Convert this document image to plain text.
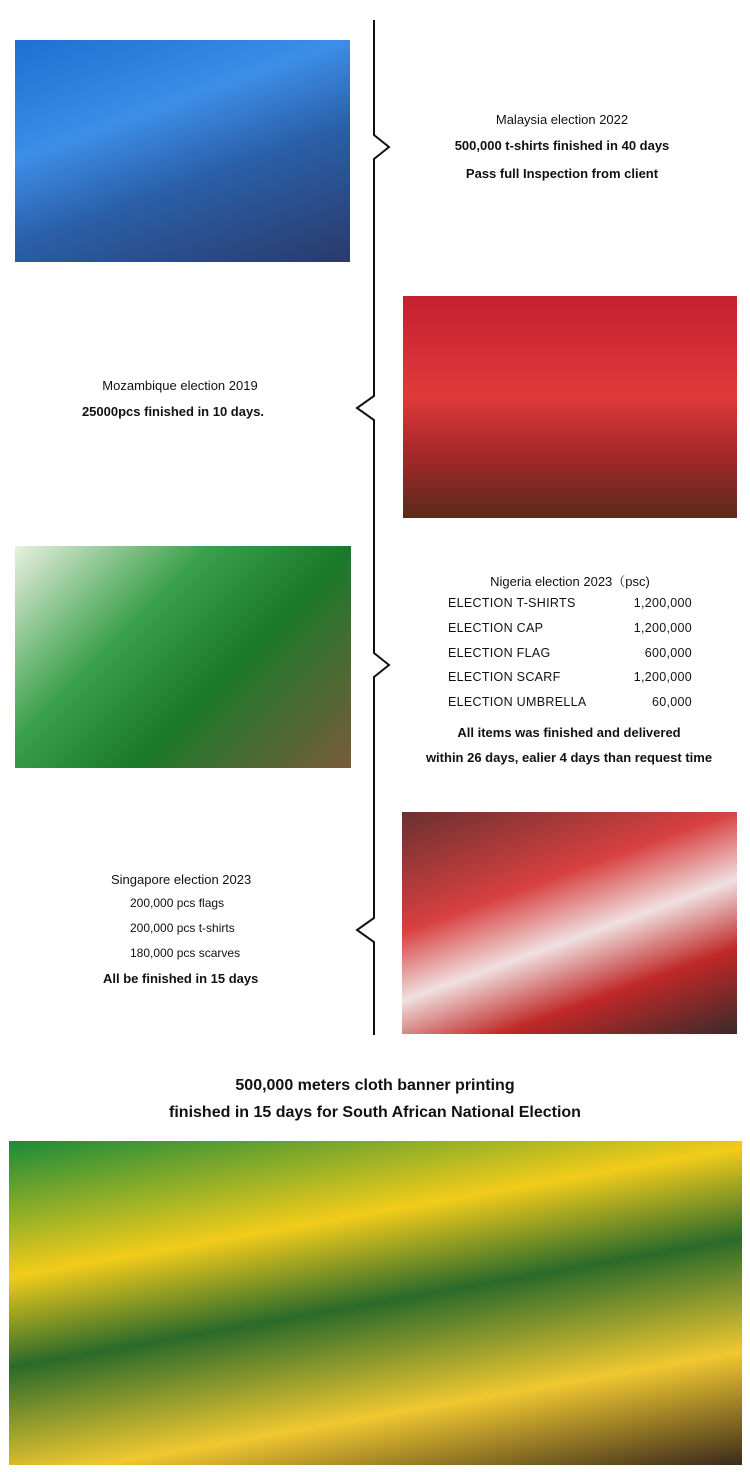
Malaysia election 2022
500,000 t-shirts finished in 40 days
Pass full Inspection from client
Mozambique election 2019
25000pcs finished in 10 days.
Nigeria election 2023（psc)
ELECTION T-SHIRTS	1,200,000
ELECTION CAP	1,200,000
ELECTION FLAG	600,000
ELECTION SCARF	1,200,000
ELECTION UMBRELLA	60,000
All items was finished and delivered
within 26 days, ealier 4 days than request time
Singapore election 2023
200,000 pcs flags
200,000 pcs t-shirts
180,000 pcs scarves
All be finished in 15 days
500,000 meters cloth banner printing
finished in 15 days for South African National Election
